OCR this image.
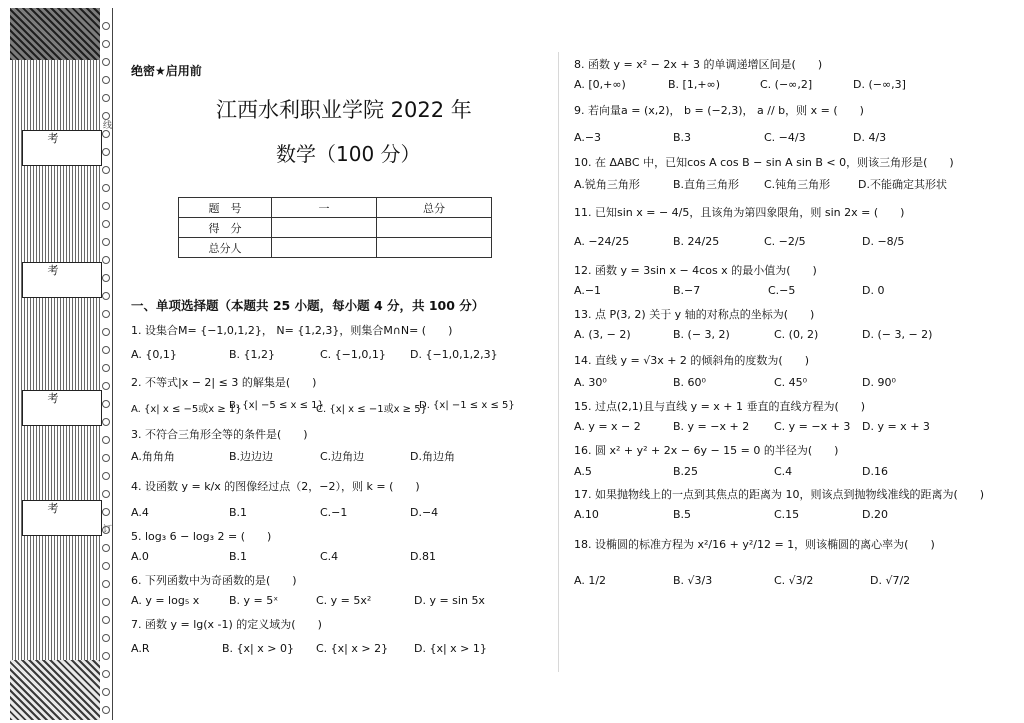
考
考
考
考
线
订
绝密★启用前
江西水利职业学院 2022 年
数学（100 分）
题　号	一	总分
得　分		
总分人		
一、单项选择题（本题共 25 小题，每小题 4 分，共 100 分）
1. 设集合M= {−1,0,1,2}， N= {1,2,3}，则集合M∩N= (　　)
A. {0,1}	B. {1,2}	C. {−1,0,1} D. {−1,0,1,2,3}
2. 不等式|x − 2| ≤ 3 的解集是(　　)
A. {x| x ≤ −5或x ≥ 1}
B. {x| −5 ≤ x ≤ 1}
C. {x| x ≤ −1或x ≥ 5}
D. {x| −1 ≤ x ≤ 5}
3. 不符合三角形全等的条件是(　　)
A.角角角	B.边边边	C.边角边	D.角边角
4. 设函数 y = k/x 的图像经过点（2，−2），则 k = (　　)
A.4	B.1	C.−1	D.−4
5. log₃ 6 − log₃ 2 = (　　)
A.0	B.1	C.4	D.81
6. 下列函数中为奇函数的是(　　)
A. y = log₅ x	B. y = 5ˣ	C. y = 5x²	D. y = sin 5x
7. 函数 y = lg(x -1) 的定义域为(　　)
A.R	B. {x| x > 0} C. {x| x > 2} D. {x| x > 1}
8. 函数 y = x² − 2x + 3 的单调递增区间是(　　)
A. [0,+∞)	B. [1,+∞)	C. (−∞,2]	D. (−∞,3]
9. 若向量a = (x,2)， b = (−2,3)， a // b，则 x = (　　)
A.−3	B.3	C. −4/3	D. 4/3
10. 在 ΔABC 中，已知cos A cos B − sin A sin B < 0，则该三角形是(　　)
A.锐角三角形	B.直角三角形 C.钝角三角形	D.不能确定其形状
11. 已知sin x = − 4/5，且该角为第四象限角，则 sin 2x = (　　)
A. −24/25	B. 24/25	C. −2/5	D. −8/5
12. 函数 y = 3sin x − 4cos x 的最小值为(　　)
A.−1	B.−7	C.−5	D. 0
13. 点 P(3, 2) 关于 y 轴的对称点的坐标为(　　)
A. (3, − 2)	B. (− 3, 2)	C. (0, 2)	D. (− 3, − 2)
14. 直线 y = √3x + 2 的倾斜角的度数为(　　)
A. 30⁰	B. 60⁰	C. 45⁰	D. 90⁰
15. 过点(2,1)且与直线 y = x + 1 垂直的直线方程为(　　)
A. y = x − 2	B. y = −x + 2 C. y = −x + 3 D. y = x + 3
16. 圆 x² + y² + 2x − 6y − 15 = 0 的半径为(　　)
A.5	B.25	C.4	D.16
17. 如果抛物线上的一点到其焦点的距离为 10，则该点到抛物线准线的距离为(　　)
A.10	B.5	C.15	D.20
18. 设椭圆的标准方程为 x²/16 + y²/12 = 1，则该椭圆的离心率为(　　)
A. 1/2	B. √3/3	C. √3/2	D. √7/2
